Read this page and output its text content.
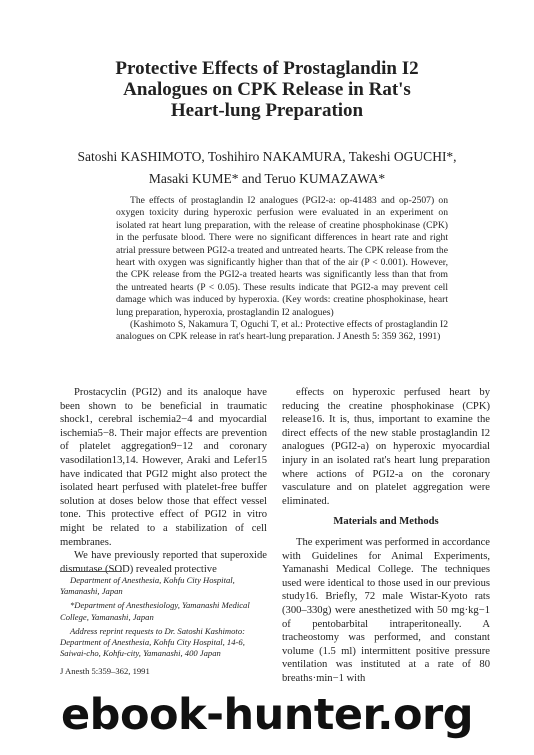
Protective Effects of Prostaglandin I2
Analogues on CPK Release in Rat's
Heart-lung Preparation
Satoshi KASHIMOTO, Toshihiro NAKAMURA, Takeshi OGUCHI*,
Masaki KUME* and Teruo KUMAZAWA*

The effects of prostaglandin I2 analogues (PGI2-a: op-41483 and op-2507) on oxygen toxicity during hyperoxic perfusion were evaluated in an experiment on isolated rat heart lung preparation, with the release of creatine phosphokinase (CPK) in the perfusate blood. There were no significant differences in heart rate and right atrial pressure between PGI2-a treated and untreated hearts. The CPK release from the heart with oxygen was significantly higher than that of the air (P < 0.001). However, the CPK release from the PGI2-a treated hearts was significantly less than that from the untreated hearts (P < 0.05). These results indicate that PGI2-a may prevent cell damage which was induced by hyperoxia. (Key words: creatine phosphokinase, heart lung preparation, hyperoxia, prostaglandin I2 analogues)

(Kashimoto S, Nakamura T, Oguchi T, et al.: Protective effects of prostaglandin I2 analogues on CPK release in rat's heart-lung preparation. J Anesth 5: 359 362, 1991)

Prostacyclin (PGI2) and its analoque have been shown to be beneficial in traumatic shock1, cerebral ischemia2−4 and myocardial ischemia5−8. Their major effects are prevention of platelet aggregation9−12 and coronary vasodilation13,14. However, Araki and Lefer15 have indicated that PGI2 might also protect the isolated heart perfused with platelet-free buffer solution at doses below those that effect vessel tone. This protective effect of PGI2 in vitro might be related to a stabilization of cell membranes.

We have previously reported that superoxide dismutase (SOD) revealed protective

Department of Anesthesia, Kohfu City Hospital, Yamanashi, Japan

*Department of Anesthesiology, Yamanashi Medical College, Yamanashi, Japan

Address reprint requests to Dr. Satoshi Kashimoto: Department of Anesthesia, Kohfu City Hospital, 14-6, Saiwai-cho, Kohfu-city, Yamanashi, 400 Japan

J Anesth 5:359–362, 1991

effects on hyperoxic perfused heart by reducing the creatine phosphokinase (CPK) release16. It is, thus, important to examine the direct effects of the new stable prostaglandin I2 analogues (PGI2-a) on hyperoxic myocardial injury in an isolated rat's heart lung preparation where actions of PGI2-a on the coronary vasculature and on platelet aggregation were eliminated.

Materials and Methods

The experiment was performed in accordance with Guidelines for Animal Experiments, Yamanashi Medical College. The techniques used were identical to those used in our previous study16. Briefly, 72 male Wistar-Kyoto rats (300–330g) were anesthetized with 50 mg·kg−1 of pentobarbital intraperitoneally. A tracheostomy was performed, and constant volume (1.5 ml) intermittent positive pressure ventilation was instituted at a rate of 80 breaths·min−1 with

ebook-hunter.org
